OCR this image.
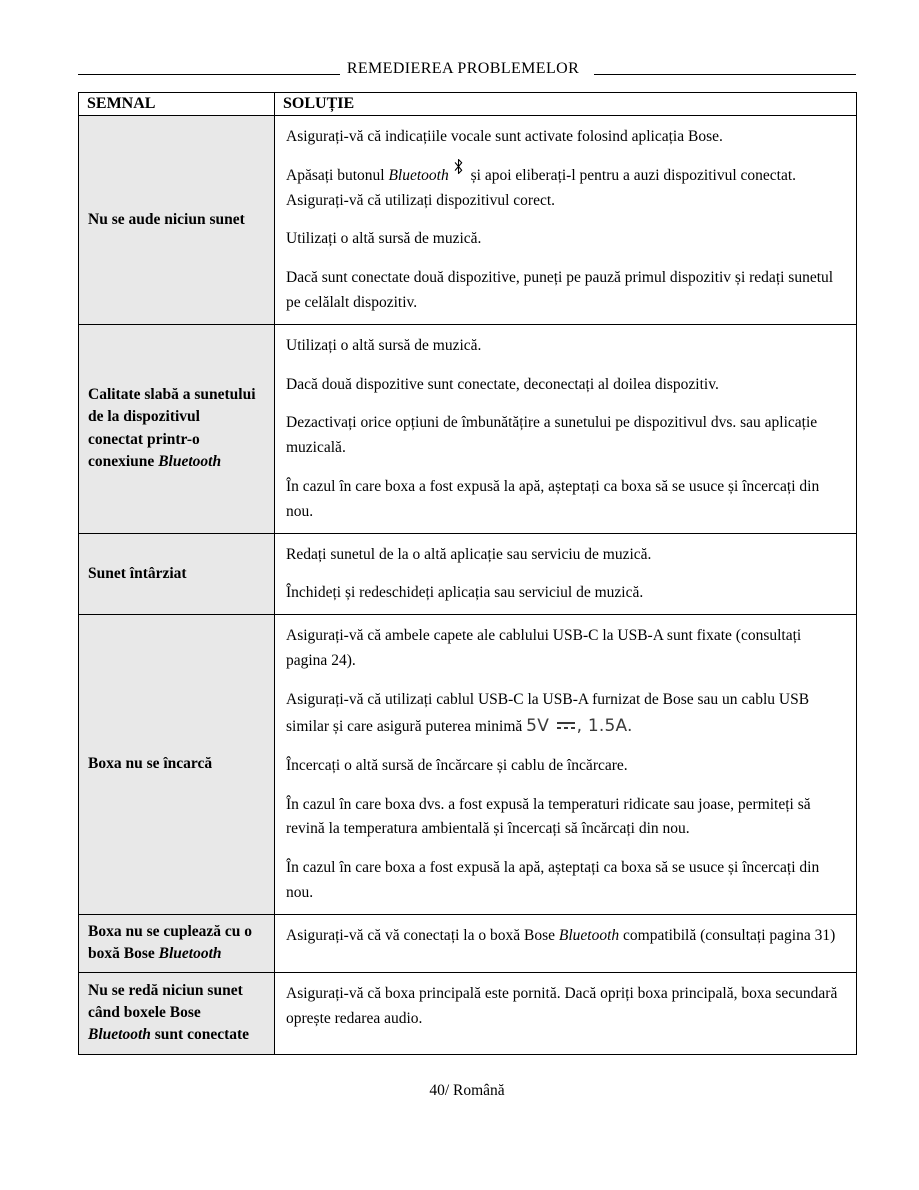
REMEDIEREA PROBLEMELOR
SEMNAL	SOLUȚIE
Nu se aude niciun sunet	Asigurați-vă că indicațiile vocale sunt activate folosind aplicația Bose.

Apăsați butonul Bluetooth
și apoi eliberați-l pentru a auzi dispozitivul conectat. Asigurați-vă că utilizați dispozitivul corect.

Utilizați o altă sursă de muzică.

Dacă sunt conectate două dispozitive, puneți pe pauză primul dispozitiv și redați sunetul pe celălalt dispozitiv.

Calitate slabă a sunetului de la dispozitivul conectat printr-o conexiune Bluetooth	Utilizați o altă sursă de muzică.

Dacă două dispozitive sunt conectate, deconectați al doilea dispozitiv.

Dezactivați orice opțiuni de îmbunătățire a sunetului pe dispozitivul dvs. sau aplicație muzicală.

În cazul în care boxa a fost expusă la apă, așteptați ca boxa să se usuce și încercați din nou.

Sunet întârziat	Redați sunetul de la o altă aplicație sau serviciu de muzică.

Închideți și redeschideți aplicația sau serviciul de muzică.

Boxa nu se încarcă	Asigurați-vă că ambele capete ale cablului USB-C la USB-A sunt fixate (consultați pagina 24).

Asigurați-vă că utilizați cablul USB-C la USB-A furnizat de Bose sau un cablu USB similar și care asigură puterea minimă 5V , 1.5A.

Încercați o altă sursă de încărcare și cablu de încărcare.

În cazul în care boxa dvs. a fost expusă la temperaturi ridicate sau joase, permiteți să revină la temperatura ambientală și încercați să încărcați din nou.

În cazul în care boxa a fost expusă la apă, așteptați ca boxa să se usuce și încercați din nou.

Boxa nu se cuplează cu o boxă Bose Bluetooth	Asigurați-vă că vă conectați la o boxă Bose Bluetooth compatibilă (consultați pagina 31)

Nu se redă niciun sunet când boxele Bose Bluetooth sunt conectate	Asigurați-vă că boxa principală este pornită. Dacă opriți boxa principală, boxa secundară oprește redarea audio.

40/ Română
